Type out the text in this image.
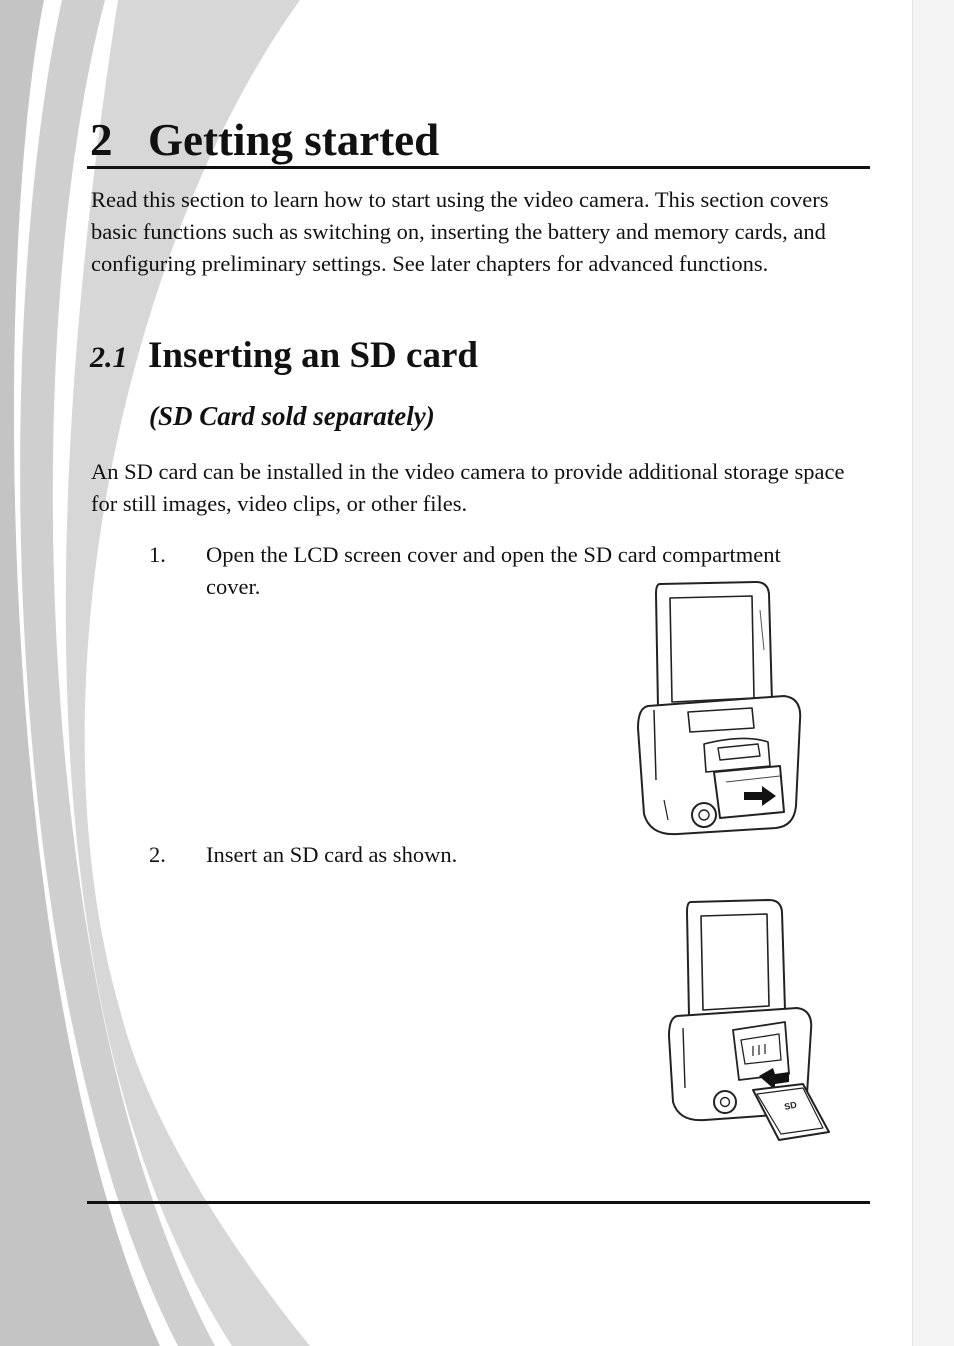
2 Getting started

Read this section to learn how to start using the video camera. This section covers basic functions such as switching on, inserting the battery and memory cards, and configuring preliminary settings. See later chapters for advanced functions.

2.1 Inserting an SD card
(SD Card sold separately)

An SD card can be installed in the video camera to provide additional storage space for still images, video clips, or other files.

1. Open the LCD screen cover and open the SD card compartment cover.
2. Insert an SD card as shown.
SD
